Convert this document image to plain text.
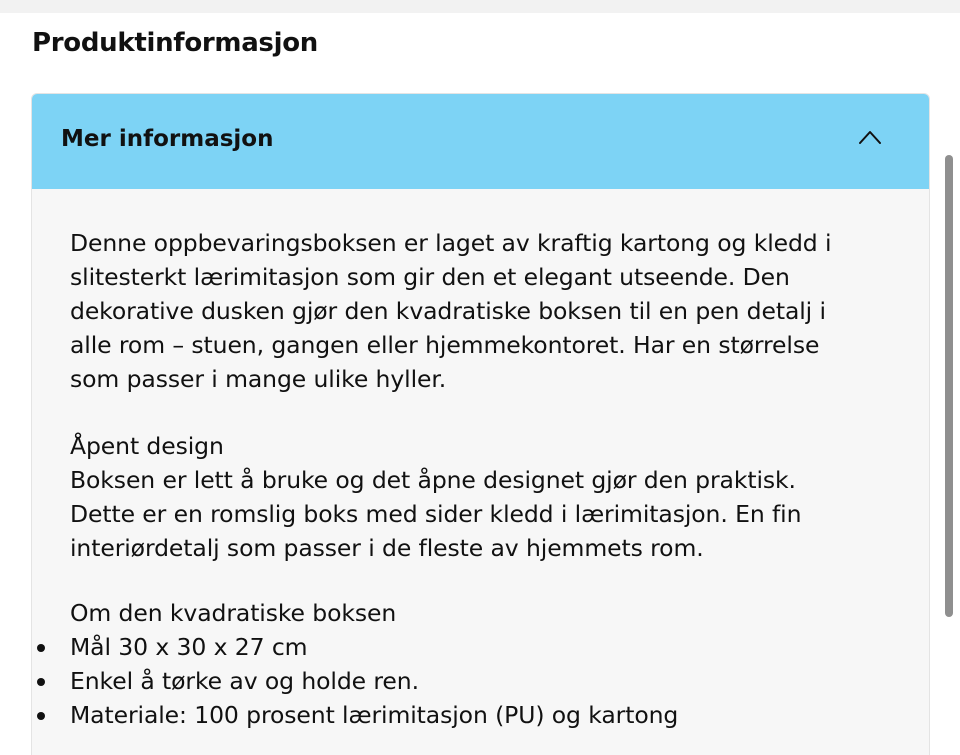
Produktinformasjon
Mer informasjon
Denne oppbevaringsboksen er laget av kraftig kartong og kledd i
slitesterkt lærimitasjon som gir den et elegant utseende. Den
dekorative dusken gjør den kvadratiske boksen til en pen detalj i
alle rom – stuen, gangen eller hjemmekontoret. Har en størrelse
som passer i mange ulike hyller.
Åpent design
Boksen er lett å bruke og det åpne designet gjør den praktisk.
Dette er en romslig boks med sider kledd i lærimitasjon. En fin
interiørdetalj som passer i de fleste av hjemmets rom.
Om den kvadratiske boksen
Mål 30 x 30 x 27 cm
Enkel å tørke av og holde ren.
Materiale: 100 prosent lærimitasjon (PU) og kartong
